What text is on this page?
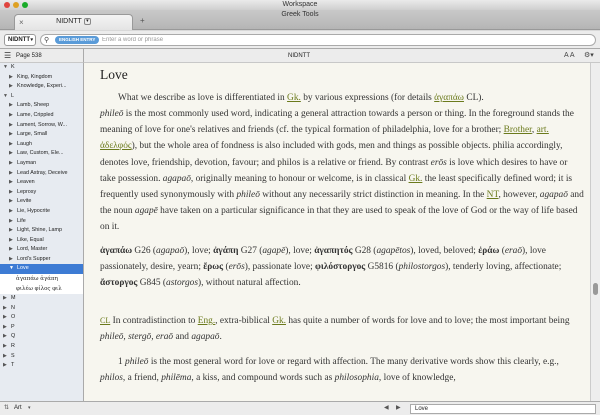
Workspace
×	NIDNTT ▾	+
Greek Tools
NIDNTT ▾ ⚲	ENGLISH ENTRY
Enter a word or phrase
☰ Page 538	NIDNTT	A A ⚙▾
▼ K
▶ King, Kingdom
▶ Knowledge, Experi...
▼ L
▶ Lamb, Sheep
▶ Lame, Crippled
▶ Lament, Sorrow, W...
▶ Large, Small
▶ Laugh
▶ Law, Custom, Ele...
▶ Layman
▶ Lead Astray, Deceive
▶ Leaven
▶ Leprosy
▶ Levite
▶ Lie, Hypocrite
▶ Life
▶ Light, Shine, Lamp
▶ Like, Equal
▶ Lord, Master
▶ Lord's Supper
▼ Love
ἀγαπάω ἀγάπη
φιλέω φίλος φιλ
▶ M
▶ N
▶ O
▶ P
▶ Q
▶ R
▶ S
▶ T
Love
What we describe as love is differentiated in Gk. by various expressions (for details ἀγαπάω CL).
phileō is the most commonly used word, indicating a general attraction towards a person or thing. In the foreground stands the meaning of love for one's relatives and friends (cf. the typical formation of philadelphia, love for a brother; Brother, art. ἀδελφός), but the whole area of fondness is also included with gods, men and things as possible objects. philia accordingly, denotes love, friendship, devotion, favour; and philos is a relative or friend. By contrast erōs is love which desires to have or take possession. agapaō, originally meaning to honour or welcome, is in classical Gk. the least specifically defined word; it is frequently used synonymously with phileō without any necessarily strict distinction in meaning. In the NT, however, agapaō and the noun agapē have taken on a particular significance in that they are used to speak of the love of God or the way of life based on it.
ἀγαπάω G26 (agapaō), love; ἀγάπη G27 (agapē), love; ἀγαπητός G28 (agapētos), loved, beloved; ἐράω (eraō), love passionately, desire, yearn; ἔρως (erōs), passionate love; φιλόστοργος G5816 (philostorgos), tenderly loving, affectionate; ἄστοργος G845 (astorgos), without natural affection.
CL In contradistinction to Eng., extra-biblical Gk. has quite a number of words for love and to love; the most important being phileō, stergō, eraō and agapaō.
1 phileō is the most general word for love or regard with affection. The many derivative words show this clearly, e.g., philos, a friend, philēma, a kiss, and compound words such as philosophia, love of knowledge,
⇅ Art ▾	◀ ▶	Love
